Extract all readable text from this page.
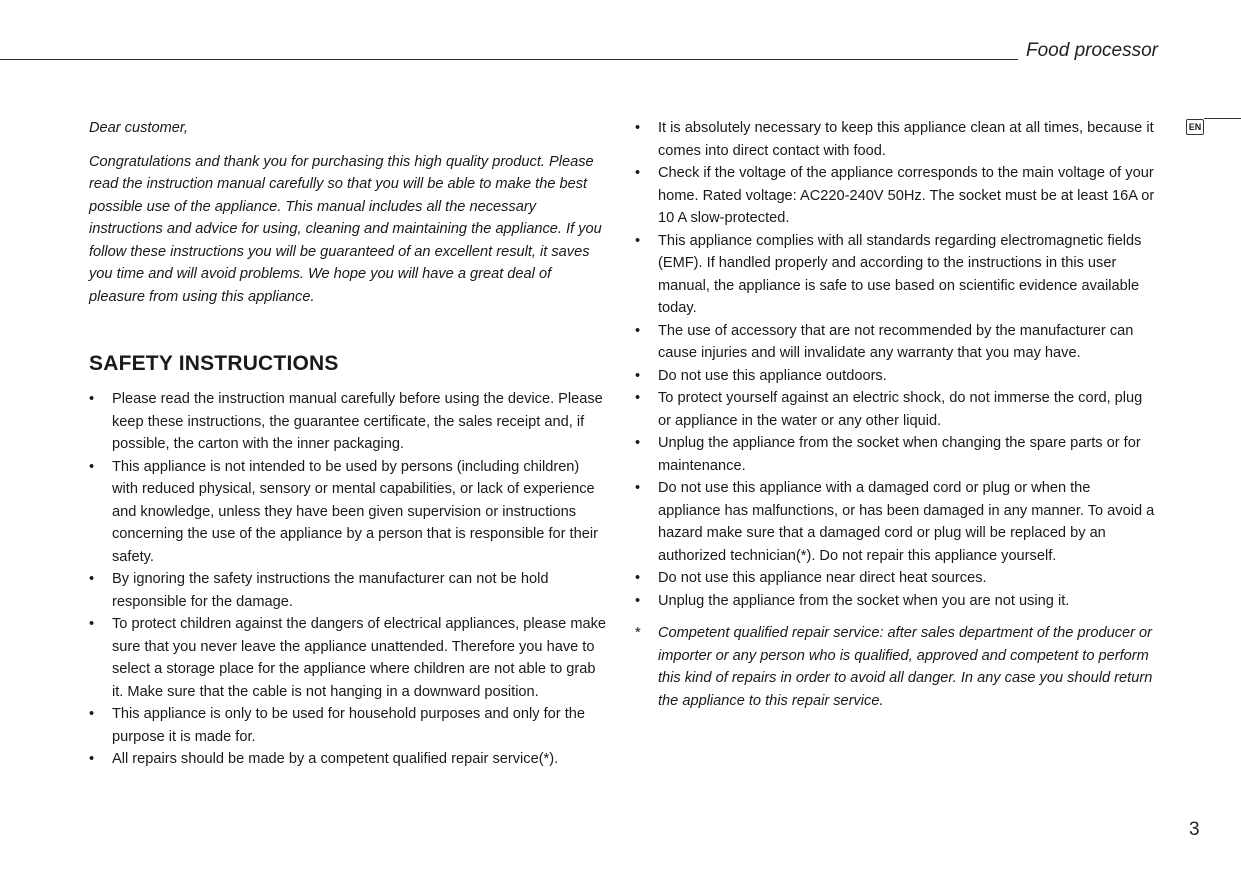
Food processor
EN

Dear customer,

Congratulations and thank you for purchasing this high quality product. Please read the instruction manual carefully so that you will be able to make the best possible use of the appliance. This manual includes all the necessary instructions and advice for using, cleaning and maintaining the appliance. If you follow these instructions you will be guaranteed of an excellent result, it saves you time and will avoid problems. We hope you will have a great deal of pleasure from using this appliance.

SAFETY INSTRUCTIONS
• Please read the instruction manual carefully before using the device. Please keep these instructions, the guarantee certificate, the sales receipt and, if possible, the carton with the inner packaging.
• This appliance is not intended to be used by persons (including children) with reduced physical, sensory or mental capabilities, or lack of experience and knowledge, unless they have been given supervision or instructions concerning the use of the appliance by a person that is responsible for their safety.
• By ignoring the safety instructions the manufacturer can not be hold responsible for the damage.
• To protect children against the dangers of electrical appliances, please make sure that you never leave the appliance unattended. Therefore you have to select a storage place for the appliance where children are not able to grab it. Make sure that the cable is not hanging in a downward position.
• This appliance is only to be used for household purposes and only for the purpose it is made for.
• All repairs should be made by a competent qualified repair service(*).
• It is absolutely necessary to keep this appliance clean at all times, because it comes into direct contact with food.
• Check if the voltage of the appliance corresponds to the main voltage of your home. Rated voltage: AC220-240V 50Hz. The socket must be at least 16A or 10 A slow-protected.
• This appliance complies with all standards regarding electromagnetic fields (EMF). If handled properly and according to the instructions in this user manual, the appliance is safe to use based on scientific evidence available today.
• The use of accessory that are not recommended by the manufacturer can cause injuries and will invalidate any warranty that you may have.
• Do not use this appliance outdoors.
• To protect yourself against an electric shock, do not immerse the cord, plug or appliance in the water or any other liquid.
• Unplug the appliance from the socket when changing the spare parts or for maintenance.
• Do not use this appliance with a damaged cord or plug or when the appliance has malfunctions, or has been damaged in any manner. To avoid a hazard make sure that a damaged cord or plug will be replaced by an authorized technician(*). Do not repair this appliance yourself.
• Do not use this appliance near direct heat sources.
• Unplug the appliance from the socket when you are not using it.
* Competent qualified repair service: after sales department of the producer or importer or any person who is qualified, approved and competent to perform this kind of repairs in order to avoid all danger. In any case you should return the appliance to this repair service.
3
